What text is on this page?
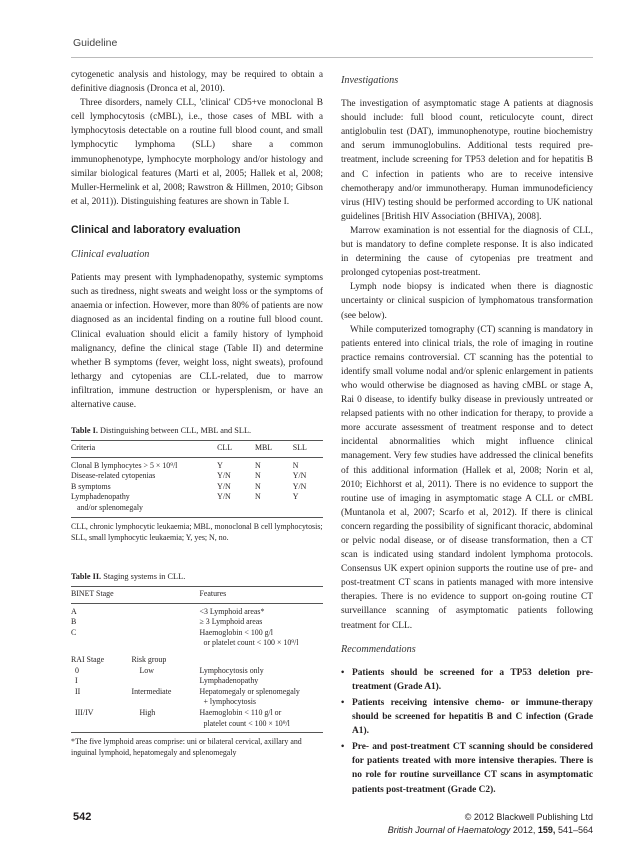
Guideline

cytogenetic analysis and histology, may be required to obtain a definitive diagnosis (Dronca et al, 2010).

Three disorders, namely CLL, 'clinical' CD5+ve monoclonal B cell lymphocytosis (cMBL), i.e., those cases of MBL with a lymphocytosis detectable on a routine full blood count, and small lymphocytic lymphoma (SLL) share a common immunophenotype, lymphocyte morphology and/or histology and similar biological features (Marti et al, 2005; Hallek et al, 2008; Muller-Hermelink et al, 2008; Rawstron & Hillmen, 2010; Gibson et al, 2011)). Distinguishing features are shown in Table I.

Clinical and laboratory evaluation
Clinical evaluation

Patients may present with lymphadenopathy, systemic symptoms such as tiredness, night sweats and weight loss or the symptoms of anaemia or infection. However, more than 80% of patients are now diagnosed as an incidental finding on a routine full blood count. Clinical evaluation should elicit a family history of lymphoid malignancy, define the clinical stage (Table II) and determine whether B symptoms (fever, weight loss, night sweats), profound lethargy and cytopenias are CLL-related, due to marrow infiltration, immune destruction or hypersplenism, or have an alternative cause.

Table I. Distinguishing between CLL, MBL and SLL.
Criteria	CLL	MBL	SLL
Clonal B lymphocytes > 5 × 10⁹/l	Y	N	N
Disease-related cytopenias	Y/N	N	Y/N
B symptoms	Y/N	N	Y/N
Lymphadenopathy	Y/N	N	Y
and/or splenomegaly			
CLL, chronic lymphocytic leukaemia; MBL, monoclonal B cell lymphocytosis; SLL, small lymphocytic leukaemia; Y, yes; N, no.
Table II. Staging systems in CLL.
BINET Stage		Features
A		<3 Lymphoid areas*
B		≥ 3 Lymphoid areas
C		Haemoglobin < 100 g/l
		or platelet count < 100 × 10⁹/l
RAI Stage	Risk group	
0	Low	Lymphocytosis only
I		Lymphadenopathy
II	Intermediate	Hepatomegaly or splenomegaly
		+ lymphocytosis
III/IV	High	Haemoglobin < 110 g/l or
		platelet count < 100 × 10⁹/l
*The five lymphoid areas comprise: uni or bilateral cervical, axillary and inguinal lymphoid, hepatomegaly and splenomegaly
Investigations

The investigation of asymptomatic stage A patients at diagnosis should include: full blood count, reticulocyte count, direct antiglobulin test (DAT), immunophenotype, routine biochemistry and serum immunoglobulins. Additional tests required pre-treatment, include screening for TP53 deletion and for hepatitis B and C infection in patients who are to receive intensive chemotherapy and/or immunotherapy. Human immunodeficiency virus (HIV) testing should be performed according to UK national guidelines [British HIV Association (BHIVA), 2008].

Marrow examination is not essential for the diagnosis of CLL, but is mandatory to define complete response. It is also indicated in determining the cause of cytopenias pre treatment and prolonged cytopenias post-treatment.

Lymph node biopsy is indicated when there is diagnostic uncertainty or clinical suspicion of lymphomatous transformation (see below).

While computerized tomography (CT) scanning is mandatory in patients entered into clinical trials, the role of imaging in routine practice remains controversial. CT scanning has the potential to identify small volume nodal and/or splenic enlargement in patients who would otherwise be diagnosed as having cMBL or stage A, Rai 0 disease, to identify bulky disease in previously untreated or relapsed patients with no other indication for therapy, to provide a more accurate assessment of treatment response and to detect incidental abnormalities which might influence clinical management. Very few studies have addressed the clinical benefits of this additional information (Hallek et al, 2008; Norin et al, 2010; Eichhorst et al, 2011). There is no evidence to support the routine use of imaging in asymptomatic stage A CLL or cMBL (Muntanola et al, 2007; Scarfo et al, 2012). If there is clinical concern regarding the possibility of significant thoracic, abdominal or pelvic nodal disease, or of disease transformation, then a CT scan is indicated using standard indolent lymphoma protocols. Consensus UK expert opinion supports the routine use of pre- and post-treatment CT scans in patients managed with more intensive therapies. There is no evidence to support on-going routine CT surveillance scanning of asymptomatic patients following treatment for CLL.

Recommendations
• Patients should be screened for a TP53 deletion pre-treatment (Grade A1).
• Patients receiving intensive chemo- or immune-therapy should be screened for hepatitis B and C infection (Grade A1).
• Pre- and post-treatment CT scanning should be considered for patients treated with more intensive therapies. There is no role for routine surveillance CT scans in asymptomatic patients post-treatment (Grade C2).
542	© 2012 Blackwell Publishing Ltd
British Journal of Haematology 2012, 159, 541–564
